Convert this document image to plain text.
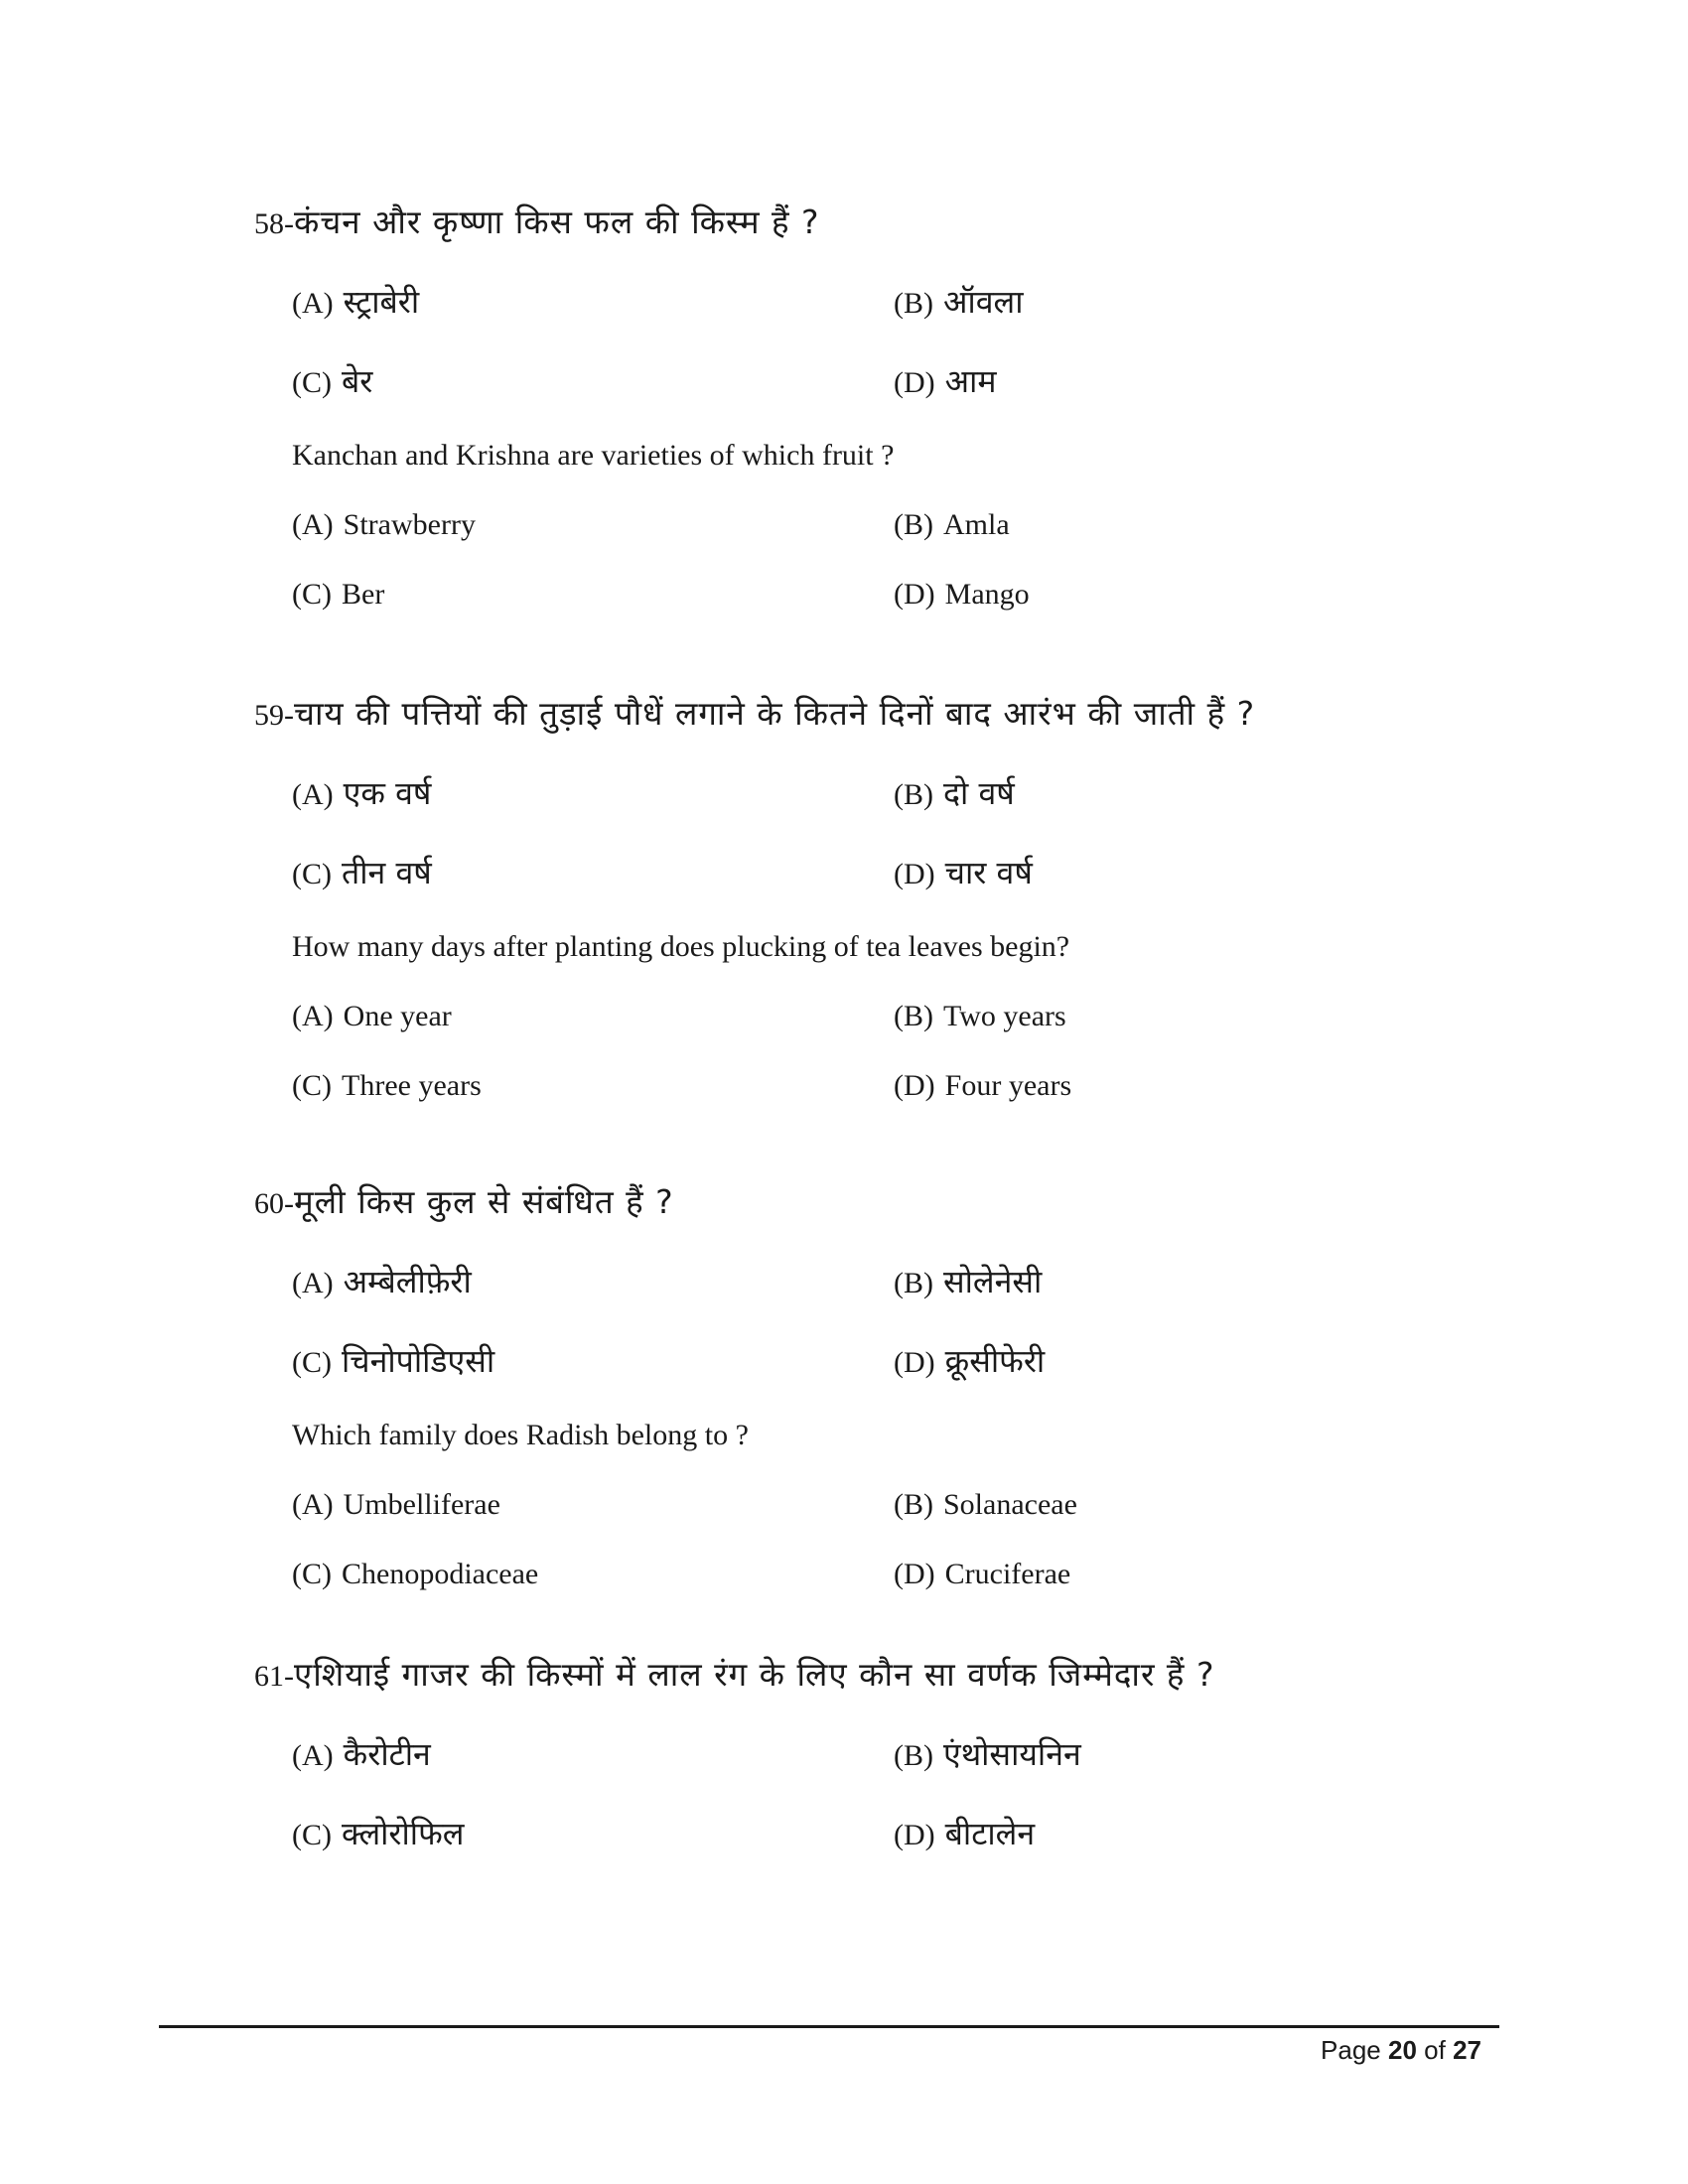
58- कंचन और कृष्णा किस फल की किस्म हैं ?
(A) स्ट्राबेरी	(B) ऑवला
(C) बेर	(D) आम
Kanchan and Krishna are varieties of which fruit ?
(A) Strawberry	(B) Amla
(C) Ber	(D) Mango
59- चाय की पत्तियों की तुड़ाई पौधें लगाने के कितने दिनों बाद आरंभ की जाती हैं ?
(A) एक वर्ष	(B) दो वर्ष
(C) तीन वर्ष	(D) चार वर्ष
How many days after planting does plucking of tea leaves begin?
(A) One year	(B) Two years
(C) Three years	(D) Four years
60- मूली किस कुल से संबंधित हैं ?
(A) अम्बेलीफ़ेरी	(B) सोलेनेसी
(C) चिनोपोडिएसी	(D) क्रूसीफेरी
Which family does Radish belong to ?
(A) Umbelliferae	(B) Solanaceae
(C) Chenopodiaceae	(D) Cruciferae
61- एशियाई गाजर की किस्मों में लाल रंग के लिए कौन सा वर्णक जिम्मेदार हैं ?
(A) कैरोटीन	(B) एंथोसायनिन
(C) क्लोरोफिल	(D) बीटालेन
Page 20 of 27
